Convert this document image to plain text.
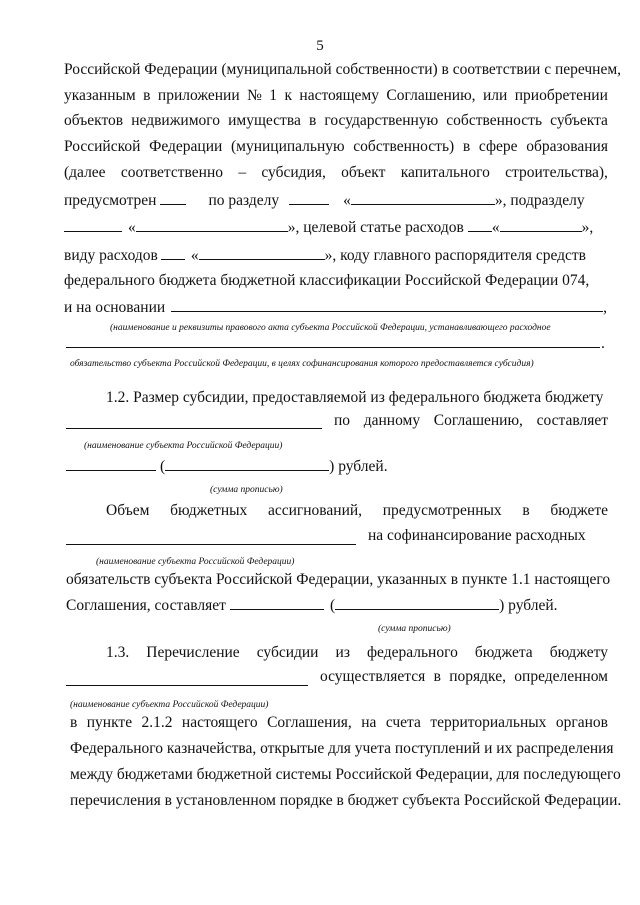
5
Российской Федерации (муниципальной собственности) в соответствии с перечнем,
указанным в приложении № 1 к настоящему Соглашению, или приобретении
объектов недвижимого имущества в государственную собственность субъекта
Российской Федерации (муниципальную собственность) в сфере образования
(далее соответственно – субсидия, объект капитального строительства),
предусмотрен	по разделу	«	», подразделу
«	», целевой статье расходов «	»,
виду расходов «	», коду главного распорядителя средств
федерального бюджета бюджетной классификации Российской Федерации 074,
и на основании	,
(наименование и реквизиты правового акта субъекта Российской Федерации, устанавливающего расходное
.
обязательство субъекта Российской Федерации, в целях софинансирования которого предоставляется субсидия)
1.2. Размер субсидии, предоставляемой из федерального бюджета бюджету
по данному Соглашению, составляет
(наименование субъекта Российской Федерации)
(	) рублей.
(сумма прописью)
Объем бюджетных ассигнований, предусмотренных в бюджете
на софинансирование расходных
(наименование субъекта Российской Федерации)
обязательств субъекта Российской Федерации, указанных в пункте 1.1 настоящего
Соглашения, составляет	(	) рублей.
(сумма прописью)
1.3. Перечисление субсидии из федерального бюджета бюджету
осуществляется в порядке, определенном
(наименование субъекта Российской Федерации)
в пункте 2.1.2 настоящего Соглашения, на счета территориальных органов
Федерального казначейства, открытые для учета поступлений и их распределения
между бюджетами бюджетной системы Российской Федерации, для последующего
перечисления в установленном порядке в бюджет субъекта Российской Федерации.
